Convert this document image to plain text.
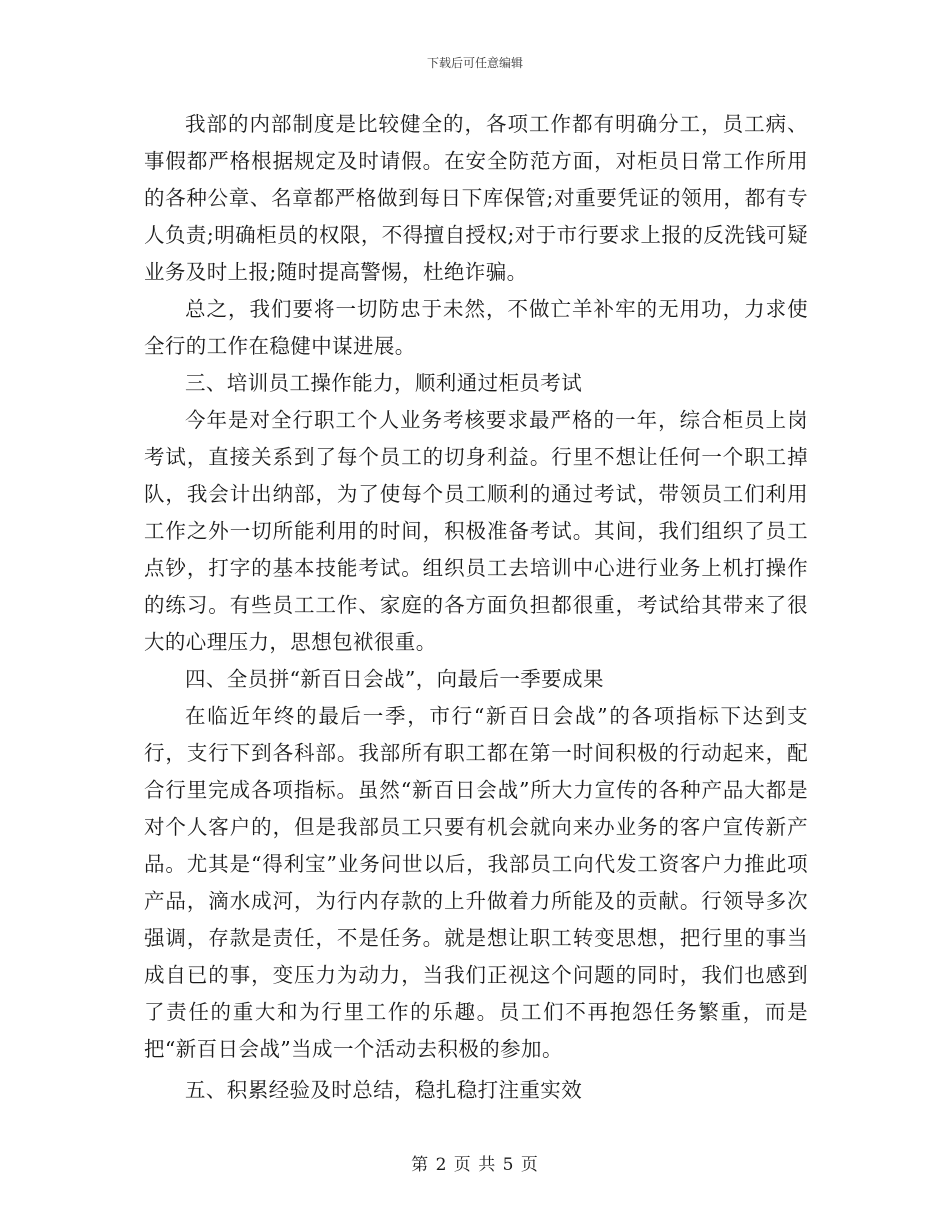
下载后可任意编辑

我部的内部制度是比较健全的，各项工作都有明确分工，员工病、事假都严格根据规定及时请假。在安全防范方面，对柜员日常工作所用的各种公章、名章都严格做到每日下库保管;对重要凭证的领用，都有专人负责;明确柜员的权限，不得擅自授权;对于市行要求上报的反洗钱可疑业务及时上报;随时提高警惕，杜绝诈骗。

总之，我们要将一切防忠于未然，不做亡羊补牢的无用功，力求使全行的工作在稳健中谋进展。

三、培训员工操作能力，顺利通过柜员考试

今年是对全行职工个人业务考核要求最严格的一年，综合柜员上岗考试，直接关系到了每个员工的切身利益。行里不想让任何一个职工掉队，我会计出纳部，为了使每个员工顺利的通过考试，带领员工们利用工作之外一切所能利用的时间，积极准备考试。其间，我们组织了员工点钞，打字的基本技能考试。组织员工去培训中心进行业务上机打操作的练习。有些员工工作、家庭的各方面负担都很重，考试给其带来了很大的心理压力，思想包袱很重。

四、全员拼“新百日会战”，向最后一季要成果

在临近年终的最后一季，市行“新百日会战”的各项指标下达到支行，支行下到各科部。我部所有职工都在第一时间积极的行动起来，配合行里完成各项指标。虽然“新百日会战”所大力宣传的各种产品大都是对个人客户的，但是我部员工只要有机会就向来办业务的客户宣传新产品。尤其是“得利宝”业务问世以后，我部员工向代发工资客户力推此项产品，滴水成河，为行内存款的上升做着力所能及的贡献。行领导多次强调，存款是责任，不是任务。就是想让职工转变思想，把行里的事当成自已的事，变压力为动力，当我们正视这个问题的同时，我们也感到了责任的重大和为行里工作的乐趣。员工们不再抱怨任务繁重，而是把“新百日会战”当成一个活动去积极的参加。

五、积累经验及时总结，稳扎稳打注重实效

第 2 页 共 5 页
